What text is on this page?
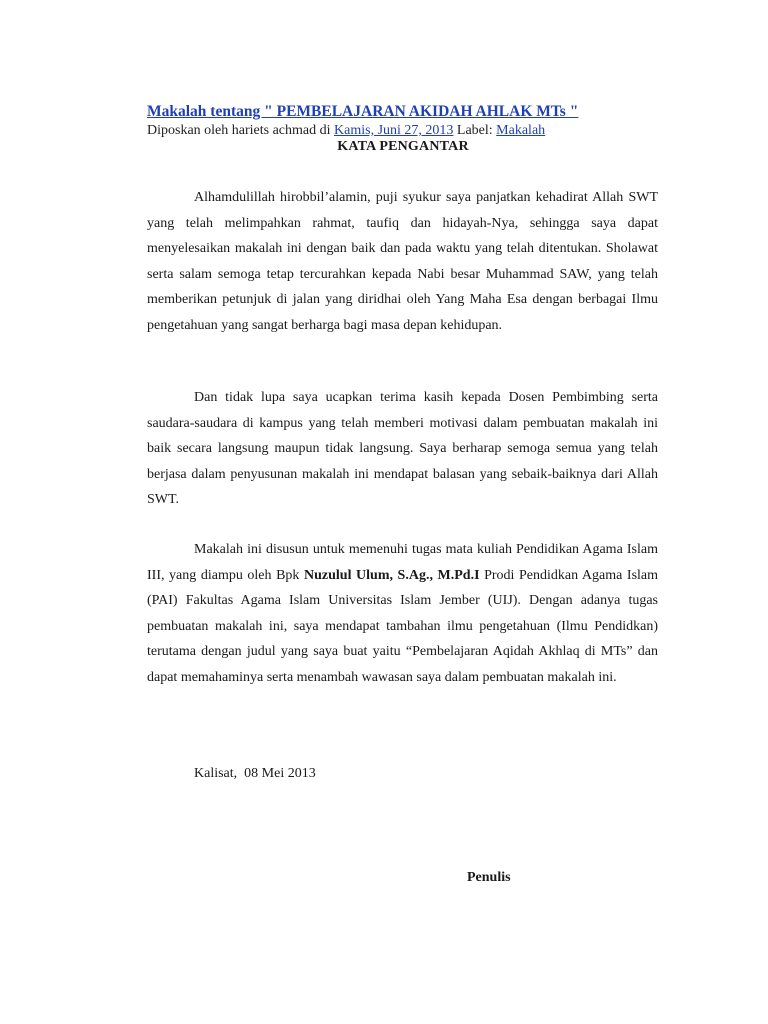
Makalah tentang " PEMBELAJARAN AKIDAH AHLAK MTs "
Diposkan oleh hariets achmad di Kamis, Juni 27, 2013 Label: Makalah
KATA PENGANTAR

Alhamdulillah hirobbil’alamin, puji syukur saya panjatkan kehadirat Allah SWT yang telah melimpahkan rahmat, taufiq dan hidayah-Nya, sehingga saya dapat menyelesaikan makalah ini dengan baik dan pada waktu yang telah ditentukan. Sholawat serta salam semoga tetap tercurahkan kepada Nabi besar Muhammad SAW, yang telah memberikan petunjuk di jalan yang diridhai oleh Yang Maha Esa dengan berbagai Ilmu pengetahuan yang sangat berharga bagi masa depan kehidupan.

Dan tidak lupa saya ucapkan terima kasih kepada Dosen Pembimbing serta saudara-saudara di kampus yang telah memberi motivasi dalam pembuatan makalah ini baik secara langsung maupun tidak langsung. Saya berharap semoga semua yang telah berjasa dalam penyusunan makalah ini mendapat balasan yang sebaik-baiknya dari Allah SWT.

Makalah ini disusun untuk memenuhi tugas mata kuliah Pendidikan Agama Islam III, yang diampu oleh Bpk Nuzulul Ulum, S.Ag., M.Pd.I Prodi Pendidkan Agama Islam (PAI) Fakultas Agama Islam Universitas Islam Jember (UIJ). Dengan adanya tugas pembuatan makalah ini, saya mendapat tambahan ilmu pengetahuan (Ilmu Pendidkan) terutama dengan judul yang saya buat yaitu “Pembelajaran Aqidah Akhlaq di MTs” dan dapat memahaminya serta menambah wawasan saya dalam pembuatan makalah ini.

Kalisat,  08 Mei 2013
Penulis
